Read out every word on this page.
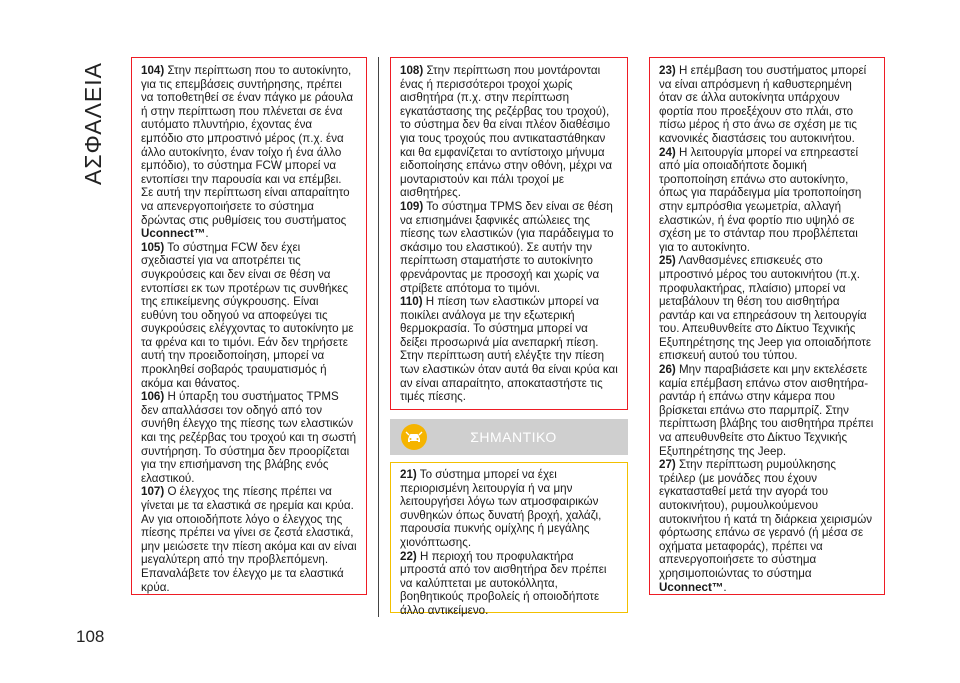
ΑΣΦΑΛΕΙΑ	104) Στην περίπτωση που το αυτοκίνητο, για τις επεμβάσεις συντήρησης, πρέπει να τοποθετηθεί σε έναν πάγκο με ράουλα ή στην περίπτωση που πλένεται σε ένα αυτόματο πλυντήριο, έχοντας ένα εμπόδιο στο μπροστινό μέρος (π.χ. ένα άλλο αυτοκίνητο, έναν τοίχο ή ένα άλλο εμπόδιο), το σύστημα FCW μπορεί να εντοπίσει την παρουσία και να επέμβει. Σε αυτή την περίπτωση είναι απαραίτητο να απενεργοποιήσετε το σύστημα δρώντας στις ρυθμίσεις του συστήματος Uconnect™.

105) Το σύστημα FCW δεν έχει σχεδιαστεί για να αποτρέπει τις συγκρούσεις και δεν είναι σε θέση να εντοπίσει εκ των προτέρων τις συνθήκες της επικείμενης σύγκρουσης. Είναι ευθύνη του οδηγού να αποφεύγει τις συγκρούσεις ελέγχοντας το αυτοκίνητο με τα φρένα και το τιμόνι. Εάν δεν τηρήσετε αυτή την προειδοποίηση, μπορεί να προκληθεί σοβαρός τραυματισμός ή ακόμα και θάνατος.

106) Η ύπαρξη του συστήματος TPMS δεν απαλλάσσει τον οδηγό από τον συνήθη έλεγχο της πίεσης των ελαστικών και της ρεζέρβας του τροχού και τη σωστή συντήρηση. Το σύστημα δεν προορίζεται για την επισήμανση της βλάβης ενός ελαστικού.

107) Ο έλεγχος της πίεσης πρέπει να γίνεται με τα ελαστικά σε ηρεμία και κρύα. Αν για οποιοδήποτε λόγο ο έλεγχος της πίεσης πρέπει να γίνει σε ζεστά ελαστικά, μην μειώσετε την πίεση ακόμα και αν είναι μεγαλύτερη από την προβλεπόμενη. Επαναλάβετε τον έλεγχο με τα ελαστικά κρύα.

108) Στην περίπτωση που μοντάρονται ένας ή περισσότεροι τροχοί χωρίς αισθητήρα (π.χ. στην περίπτωση εγκατάστασης της ρεζέρβας του τροχού), το σύστημα δεν θα είναι πλέον διαθέσιμο για τους τροχούς που αντικαταστάθηκαν και θα εμφανίζεται το αντίστοιχο μήνυμα ειδοποίησης επάνω στην οθόνη, μέχρι να μονταριστούν και πάλι τροχοί με αισθητήρες.

109) Το σύστημα TPMS δεν είναι σε θέση να επισημάνει ξαφνικές απώλειες της πίεσης των ελαστικών (για παράδειγμα το σκάσιμο του ελαστικού). Σε αυτήν την περίπτωση σταματήστε το αυτοκίνητο φρενάροντας με προσοχή και χωρίς να στρίβετε απότομα το τιμόνι.

110) Η πίεση των ελαστικών μπορεί να ποικίλει ανάλογα με την εξωτερική θερμοκρασία. Το σύστημα μπορεί να δείξει προσωρινά μία ανεπαρκή πίεση. Στην περίπτωση αυτή ελέγξτε την πίεση των ελαστικών όταν αυτά θα είναι κρύα και αν είναι απαραίτητο, αποκαταστήστε τις τιμές πίεσης.

ΣΗΜΑΝΤΙΚΟ

21) Το σύστημα μπορεί να έχει περιορισμένη λειτουργία ή να μην λειτουργήσει λόγω των ατμοσφαιρικών συνθηκών όπως δυνατή βροχή, χαλάζι, παρουσία πυκνής ομίχλης ή μεγάλης χιονόπτωσης.

22) Η περιοχή του προφυλακτήρα μπροστά από τον αισθητήρα δεν πρέπει να καλύπτεται με αυτοκόλλητα, βοηθητικούς προβολείς ή οποιοδήποτε άλλο αντικείμενο.

23) Η επέμβαση του συστήματος μπορεί να είναι απρόσμενη ή καθυστερημένη όταν σε άλλα αυτοκίνητα υπάρχουν φορτία που προεξέχουν στο πλάι, στο πίσω μέρος ή στο άνω σε σχέση με τις κανονικές διαστάσεις του αυτοκινήτου.

24) Η λειτουργία μπορεί να επηρεαστεί από μία οποιαδήποτε δομική τροποποίηση επάνω στο αυτοκίνητο, όπως για παράδειγμα μία τροποποίηση στην εμπρόσθια γεωμετρία, αλλαγή ελαστικών, ή ένα φορτίο πιο υψηλό σε σχέση με το στάνταρ που προβλέπεται για το αυτοκίνητο.

25) Λανθασμένες επισκευές στο μπροστινό μέρος του αυτοκινήτου (π.χ. προφυλακτήρας, πλαίσιο) μπορεί να μεταβάλουν τη θέση του αισθητήρα ραντάρ και να επηρεάσουν τη λειτουργία του. Απευθυνθείτε στο Δίκτυο Τεχνικής Εξυπηρέτησης της Jeep για οποιαδήποτε επισκευή αυτού του τύπου.

26) Μην παραβιάσετε και μην εκτελέσετε καμία επέμβαση επάνω στον αισθητήρα-ραντάρ ή επάνω στην κάμερα που βρίσκεται επάνω στο παρμπρίζ. Στην περίπτωση βλάβης του αισθητήρα πρέπει να απευθυνθείτε στο Δίκτυο Τεχνικής Εξυπηρέτησης της Jeep.

27) Στην περίπτωση ρυμούλκησης τρέιλερ (με μονάδες που έχουν εγκατασταθεί μετά την αγορά του αυτοκινήτου), ρυμουλκούμενου αυτοκινήτου ή κατά τη διάρκεια χειρισμών φόρτωσης επάνω σε γερανό (ή μέσα σε οχήματα μεταφοράς), πρέπει να απενεργοποιήσετε το σύστημα χρησιμοποιώντας το σύστημα Uconnect™.

108
